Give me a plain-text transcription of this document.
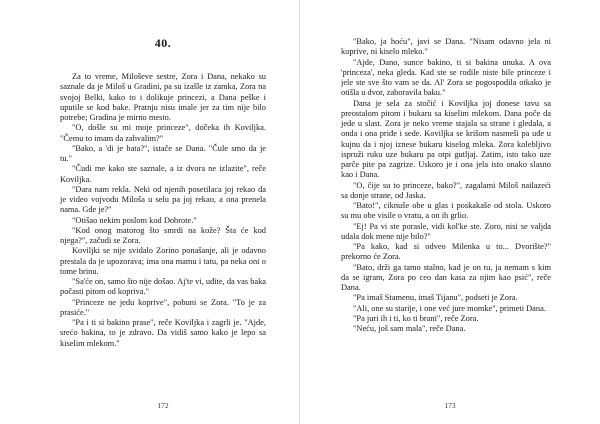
40.

Za to vreme, Miloševe sestre, Zora i Dana, nekako su saznale da je Miloš u Gradini, pa su izašle iz zamka, Zora na svojoj Belki, kako to i dolikuje princezi, a Dana peške i uputile se kod bake. Pratnju nisu imale jer za tim nije bilo potrebe; Gradina je mirno mesto.

"O, došle su mi moje princeze", dočeka ih Koviljka. "Čemu to imam da zahvalim?"

"Bako, a 'di je bata?", istače se Dana. "Čule smo da je tu."

"Čudi me kako ste saznale, a iz dvora ne izlazite", reče Koviljka.

"Dara nam rekla. Neki od njenih posetilaca joj rekao da je video vojvodu Miloša u selu pa joj rekao, a ona prenela nama. Gde je?"

"Otišao nekim poslom kod Dobrote."

"Kod onog matorog što smrdi na kože? Šta će kod njega?", začudi se Zora.

Koviljki se nije svidalo Zorino ponašanje, ali je odavno prestala da je upozorava; ima ona mamu i tatu, pa neka oni o tome brinu.

"Sa'će on, samo što nije došao. Aj'te vi, uđite, da vas baka počasti pitom od kopriva."

"Princeze ne jedu koprive", pobuni se Zora. "To je za prasiće."

"Pa i ti si bakino prase", reče Koviljka i zagrli je. "Ajde, srećo bakina, to je zdravo. Da vidiš samo kako je lepo sa kiselim mlekom."

172

"Bako, ja hoću", javi se Dana. "Nisam odavno jela ni koprive, ni kiselo mleko."

"Ajde, Dano, sunce bakino, ti si bakina unuka. A ova 'princeza', neka gleda. Kad ste se rodile niste bile princeze i jele ste sve što vam se da. Al' Zora se pogospodila otkako je otišla u dvor, zaboravila baku."

Dana je sela za stočić i Koviljka joj donese tavu sa preostalom pitom i bukaru sa kiselim mlekom. Dana poče da jede u slast. Zora je neko vreme stajala sa strane i gledala, a onda i ona priđe i sede. Koviljka se krišom nasmeši pa uđe u kujnu da i njoj iznese bukaru kiselog mleka. Zora kolebljivo ispruži ruku uze bukaru pa otpi gutljaj. Zatim, isto tako uze parče pite pa zagrize. Uskoro je i ona jela isto onako slasno kao i Dana.

"O, čije su to princeze, bako?", zagalami Miloš nailazeći sa donje strane, od Jaska.

"Bato!", ciknuše obe u glas i poskakaše od stola. Uskoro su mu obe visile o vratu, a on ih grlio.

"Ej! Pa vi ste porasle, vidi kol'ke ste. Zoro, nisi se valjda udala dok mene nije bilo?"

"Pa kako, kad si odveo Milenka u to... Dvorište?" prekorno će Zora.

"Bato, drži ga tamo stalno, kad je on tu, ja nemam s kim da se igram, Zora po ceo dan kasa za njim kao psić", reče Dana.

"Pa imaš Stamenu, imaš Tijanu", podseti je Zora.

"Ali, one su starije, i one već jure momke", primeti Dana.

"Pa juri ih i ti, ko ti brani", reče Zora.

"Neću, još sam mala", reče Dana.

173
